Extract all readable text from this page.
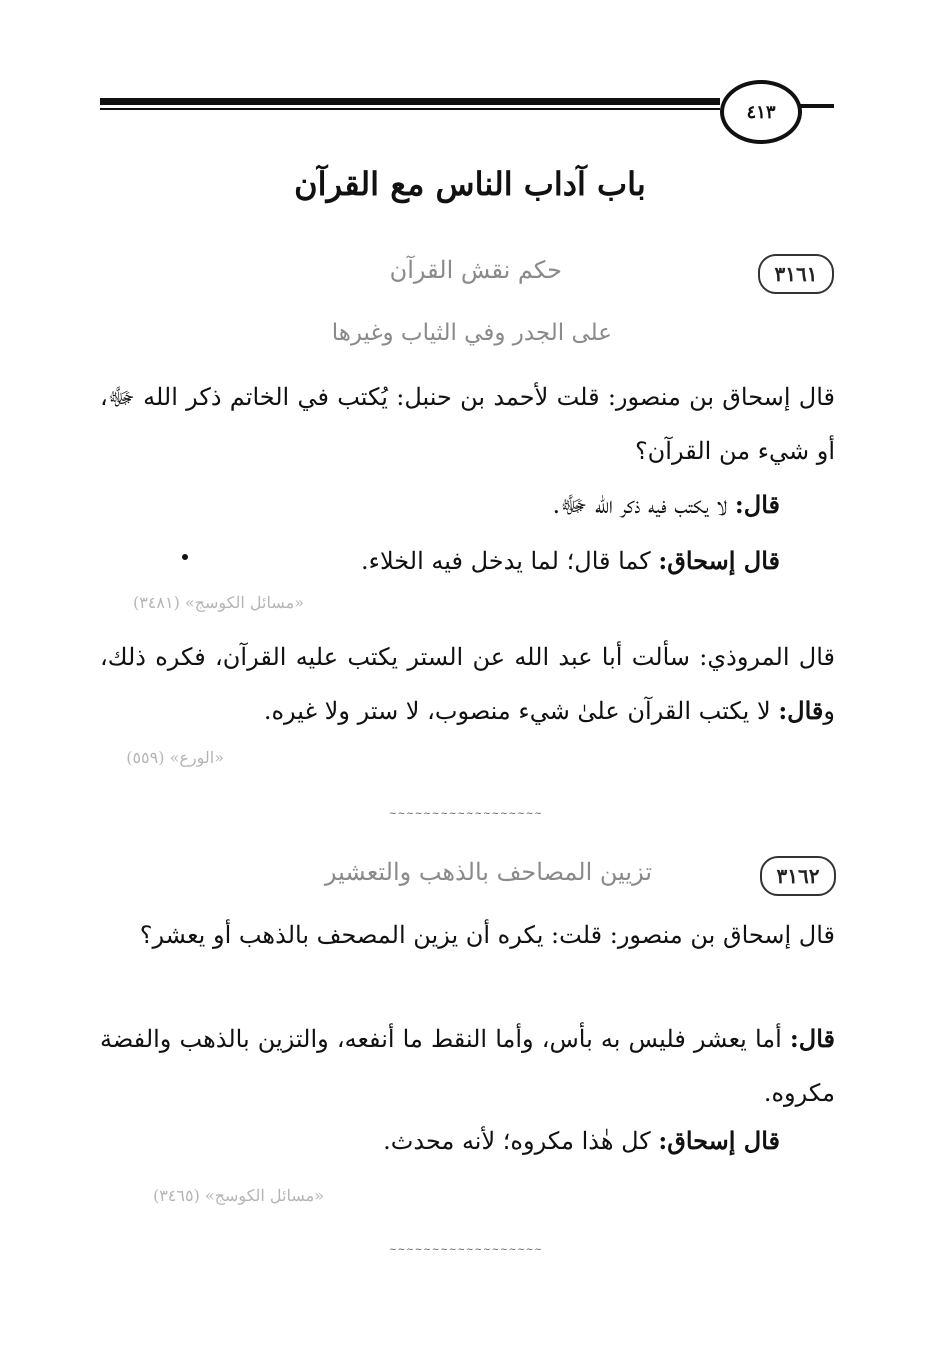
٤١٣
باب آداب الناس مع القرآن
٣١٦١
حكم نقش القرآن
على الجدر وفي الثياب وغيرها
قال إسحاق بن منصور: قلت لأحمد بن حنبل: يُكتب في الخاتم ذكر الله ﷻ، أو شيء من القرآن؟
قال: لا يكتب فيه ذكر الله ﷻ.
قال إسحاق: كما قال؛ لما يدخل فيه الخلاء.
«مسائل الكوسج» (٣٤٨١)
قال المروذي: سألت أبا عبد الله عن الستر يكتب عليه القرآن، فكره ذلك، وقال: لا يكتب القرآن علىٰ شيء منصوب، لا ستر ولا غيره.
«الورع» (٥٥٩)
~~~~~~~~~~~~~~~~~~
٣١٦٢
تزيين المصاحف بالذهب والتعشير
قال إسحاق بن منصور: قلت: يكره أن يزين المصحف بالذهب أو يعشر؟
قال: أما يعشر فليس به بأس، وأما النقط ما أنفعه، والتزين بالذهب والفضة مكروه.
قال إسحاق: كل هٰذا مكروه؛ لأنه محدث.
«مسائل الكوسج» (٣٤٦٥)
~~~~~~~~~~~~~~~~~~
